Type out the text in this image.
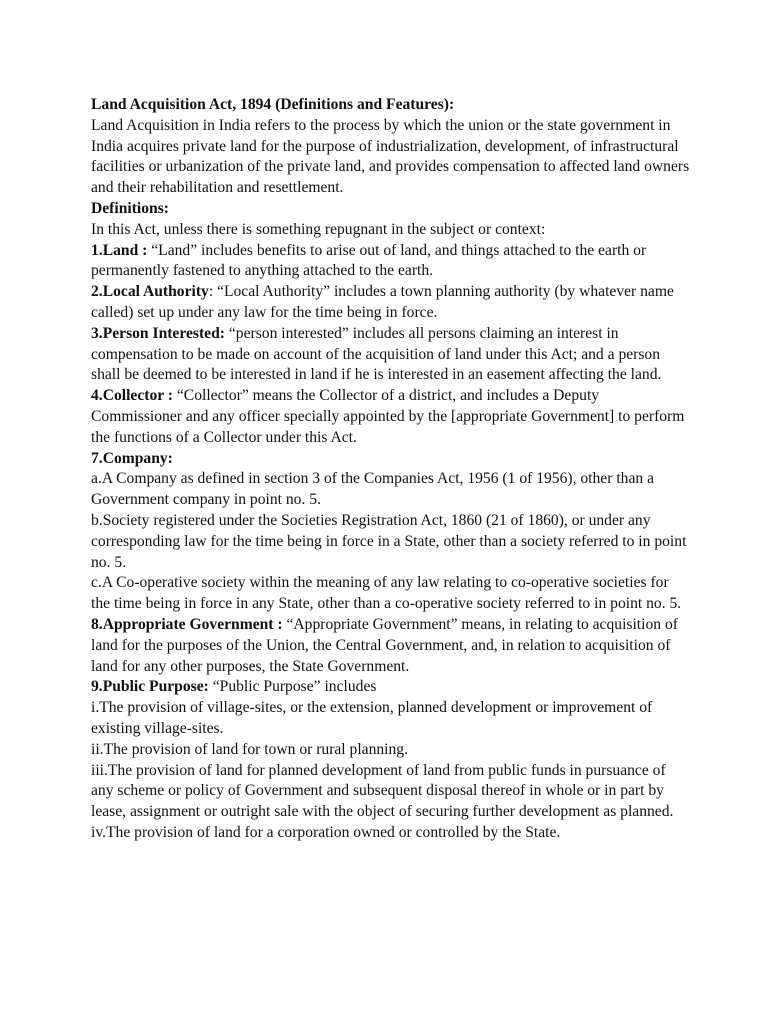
Land Acquisition Act, 1894 (Definitions and Features):

Land Acquisition in India refers to the process by which the union or the state government in India acquires private land for the purpose of industrialization, development, of infrastructural facilities or urbanization of the private land, and provides compensation to affected land owners and their rehabilitation and resettlement.

Definitions:

In this Act, unless there is something repugnant in the subject or context:

1.Land : “Land” includes benefits to arise out of land, and things attached to the earth or permanently fastened to anything attached to the earth.

2.Local Authority: “Local Authority” includes a town planning authority (by whatever name called) set up under any law for the time being in force.

3.Person Interested: “person interested” includes all persons claiming an interest in compensation to be made on account of the acquisition of land under this Act; and a person shall be deemed to be interested in land if he is interested in an easement affecting the land.

4.Collector : “Collector” means the Collector of a district, and includes a Deputy Commissioner and any officer specially appointed by the [appropriate Government] to perform the functions of a Collector under this Act.

7.Company:

a.A Company as defined in section 3 of the Companies Act, 1956 (1 of 1956), other than a Government company in point no. 5.

b.Society registered under the Societies Registration Act, 1860 (21 of 1860), or under any corresponding law for the time being in force in a State, other than a society referred to in point no. 5.

c.A Co-operative society within the meaning of any law relating to co-operative societies for the time being in force in any State, other than a co-operative society referred to in point no. 5.

8.Appropriate Government : “Appropriate Government” means, in relating to acquisition of land for the purposes of the Union, the Central Government, and, in relation to acquisition of land for any other purposes, the State Government.

9.Public Purpose: “Public Purpose” includes

i.The provision of village-sites, or the extension, planned development or improvement of existing village-sites.

ii.The provision of land for town or rural planning.

iii.The provision of land for planned development of land from public funds in pursuance of any scheme or policy of Government and subsequent disposal thereof in whole or in part by lease, assignment or outright sale with the object of securing further development as planned.

iv.The provision of land for a corporation owned or controlled by the State.
